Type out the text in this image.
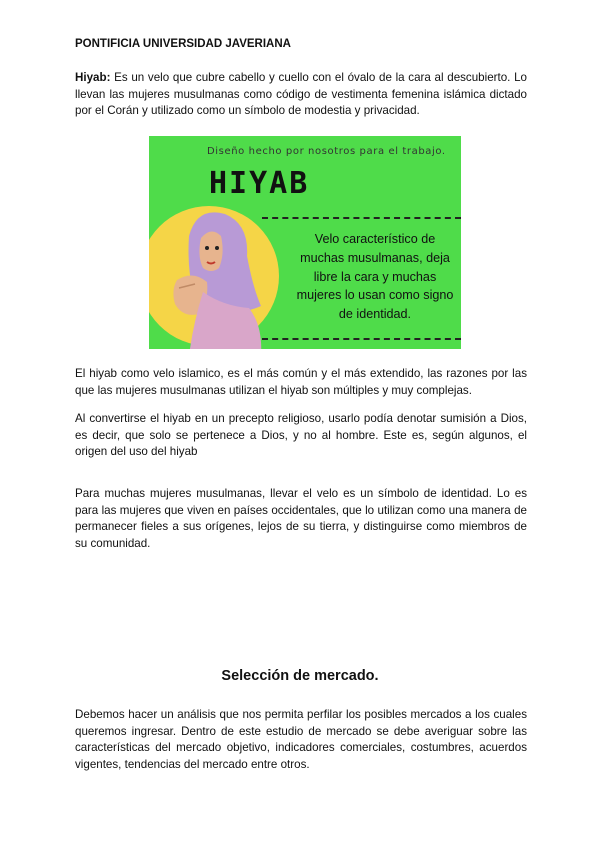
PONTIFICIA UNIVERSIDAD JAVERIANA
Hiyab: Es un velo que cubre cabello y cuello con el óvalo de la cara al descubierto. Lo llevan las mujeres musulmanas como código de vestimenta femenina islámica dictado por el Corán y utilizado como un símbolo de modestia y privacidad.
Diseño hecho por nosotros para el trabajo.
HIYAB
Velo característico de muchas musulmanas, deja libre la cara y muchas mujeres lo usan como signo de identidad.
El hiyab como velo islamico, es el más común y el más extendido, las razones por las que las mujeres musulmanas utilizan el hiyab son múltiples y muy complejas.
Al convertirse el hiyab en un precepto religioso, usarlo podía denotar sumisión a Dios, es decir, que solo se pertenece a Dios, y no al hombre. Este es, según algunos, el origen del uso del hiyab
Para muchas mujeres musulmanas, llevar el velo es un símbolo de identidad. Lo es para las mujeres que viven en países occidentales, que lo utilizan como una manera de permanecer fieles a sus orígenes, lejos de su tierra, y distinguirse como miembros de su comunidad.
Selección de mercado.
Debemos hacer un análisis que nos permita perfilar los posibles mercados a los cuales queremos ingresar. Dentro de este estudio de mercado se debe averiguar sobre las características del mercado objetivo, indicadores comerciales, costumbres, acuerdos vigentes, tendencias del mercado entre otros.
